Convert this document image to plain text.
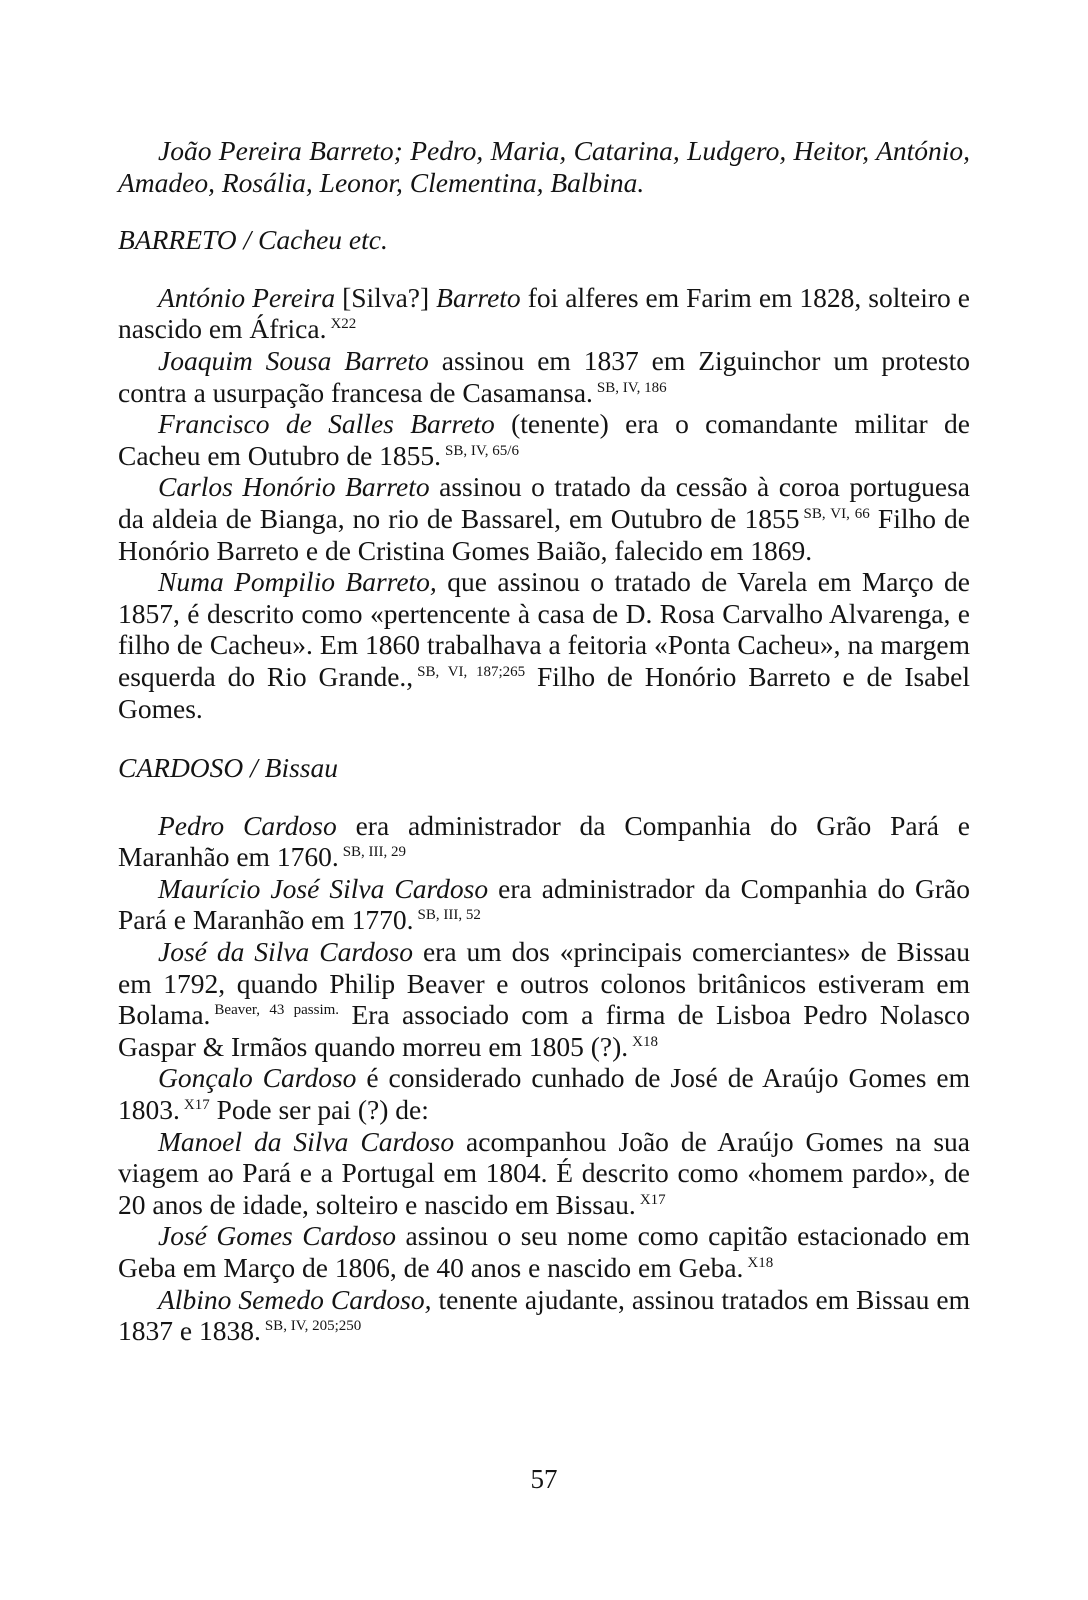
João Pereira Barreto; Pedro, Maria, Catarina, Ludgero, Heitor, António, Amadeo, Rosália, Leonor, Clementina, Balbina.

BARRETO / Cacheu etc.

António Pereira [Silva?] Barreto foi alferes em Farim em 1828, solteiro e nascido em África. $^{X22}$

Joaquim Sousa Barreto assinou em 1837 em Ziguinchor um protesto contra a usurpação francesa de Casamansa. $^{SB, IV, 186}$

Francisco de Salles Barreto (tenente) era o comandante militar de Cacheu em Outubro de 1855. $^{SB, IV, 65/6}$

Carlos Honório Barreto assinou o tratado da cessão à coroa portuguesa da aldeia de Bianga, no rio de Bassarel, em Outubro de 1855 $^{SB, VI, 66}$ Filho de Honório Barreto e de Cristina Gomes Baião, falecido em 1869.

Numa Pompilio Barreto, que assinou o tratado de Varela em Março de 1857, é descrito como «pertencente à casa de D. Rosa Carvalho Alvarenga, e filho de Cacheu». Em 1860 trabalhava a feitoria «Ponta Cacheu», na margem esquerda do Rio Grande., $^{SB, VI, 187;265}$ Filho de Honório Barreto e de Isabel Gomes.

CARDOSO / Bissau

Pedro Cardoso era administrador da Companhia do Grão Pará e Maranhão em 1760. $^{SB, III, 29}$

Maurício José Silva Cardoso era administrador da Companhia do Grão Pará e Maranhão em 1770. $^{SB, III, 52}$

José da Silva Cardoso era um dos «principais comerciantes» de Bissau em 1792, quando Philip Beaver e outros colonos britânicos estiveram em Bolama. $^{Beaver, 43 passim.}$ Era associado com a firma de Lisboa Pedro Nolasco Gaspar & Irmãos quando morreu em 1805 (?). $^{X18}$

Gonçalo Cardoso é considerado cunhado de José de Araújo Gomes em 1803. $^{X17}$ Pode ser pai (?) de:

Manoel da Silva Cardoso acompanhou João de Araújo Gomes na sua viagem ao Pará e a Portugal em 1804. É descrito como «homem pardo», de 20 anos de idade, solteiro e nascido em Bissau. $^{X17}$

José Gomes Cardoso assinou o seu nome como capitão estacionado em Geba em Março de 1806, de 40 anos e nascido em Geba. $^{X18}$

Albino Semedo Cardoso, tenente ajudante, assinou tratados em Bissau em 1837 e 1838. $^{SB, IV, 205;250}$

57
